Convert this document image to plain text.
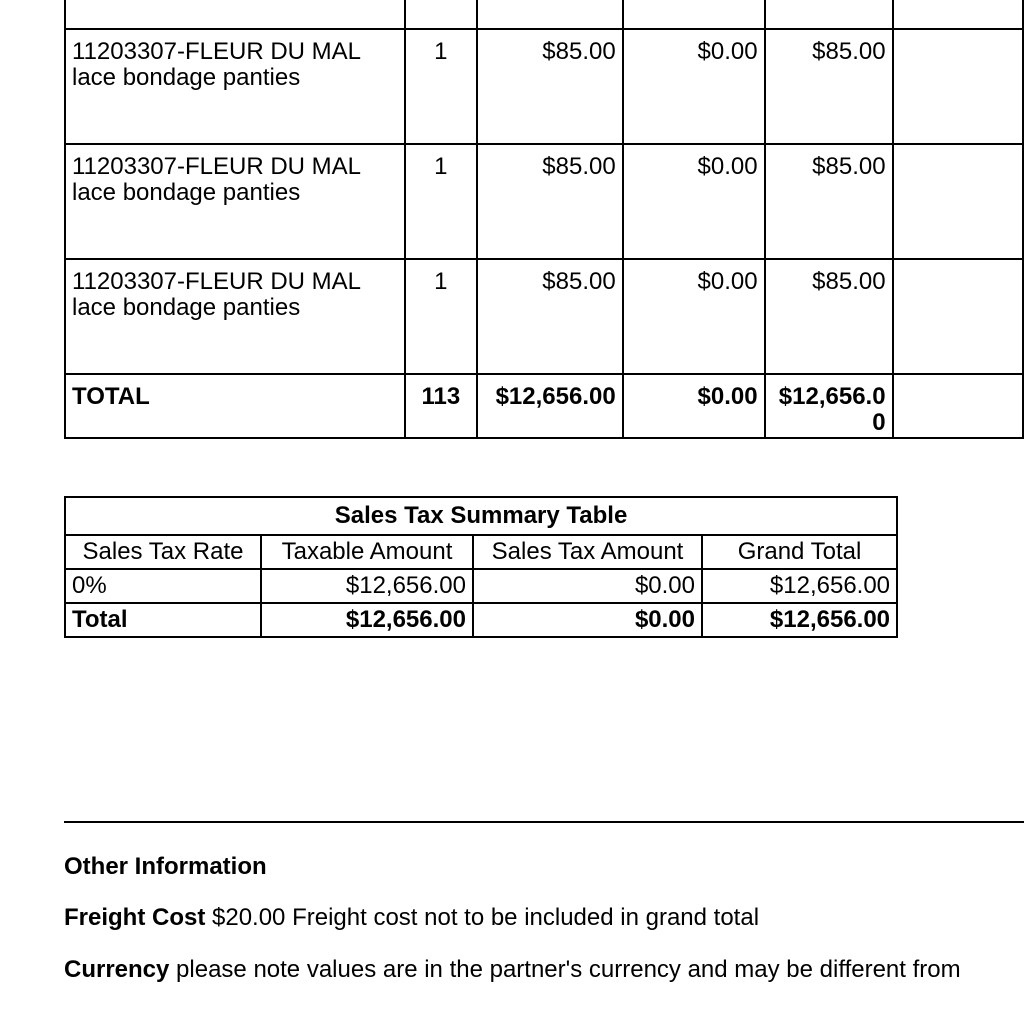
11203307-FLEUR DU MAL lace bondage panties	1	$85.00	$0.00	$85.00	

11203307-FLEUR DU MAL lace bondage panties	1	$85.00	$0.00	$85.00	

11203307-FLEUR DU MAL lace bondage panties	1	$85.00	$0.00	$85.00	

TOTAL	113	$12,656.00	$0.00	$12,656.00	

Sales Tax Summary Table			
Sales Tax Rate	Taxable Amount	Sales Tax Amount	Grand Total
0%	$12,656.00	$0.00	$12,656.00
Total	$12,656.00	$0.00	$12,656.00
Other Information
Freight Cost $20.00 Freight cost not to be included in grand total
Currency please note values are in the partner's currency and may be different from
